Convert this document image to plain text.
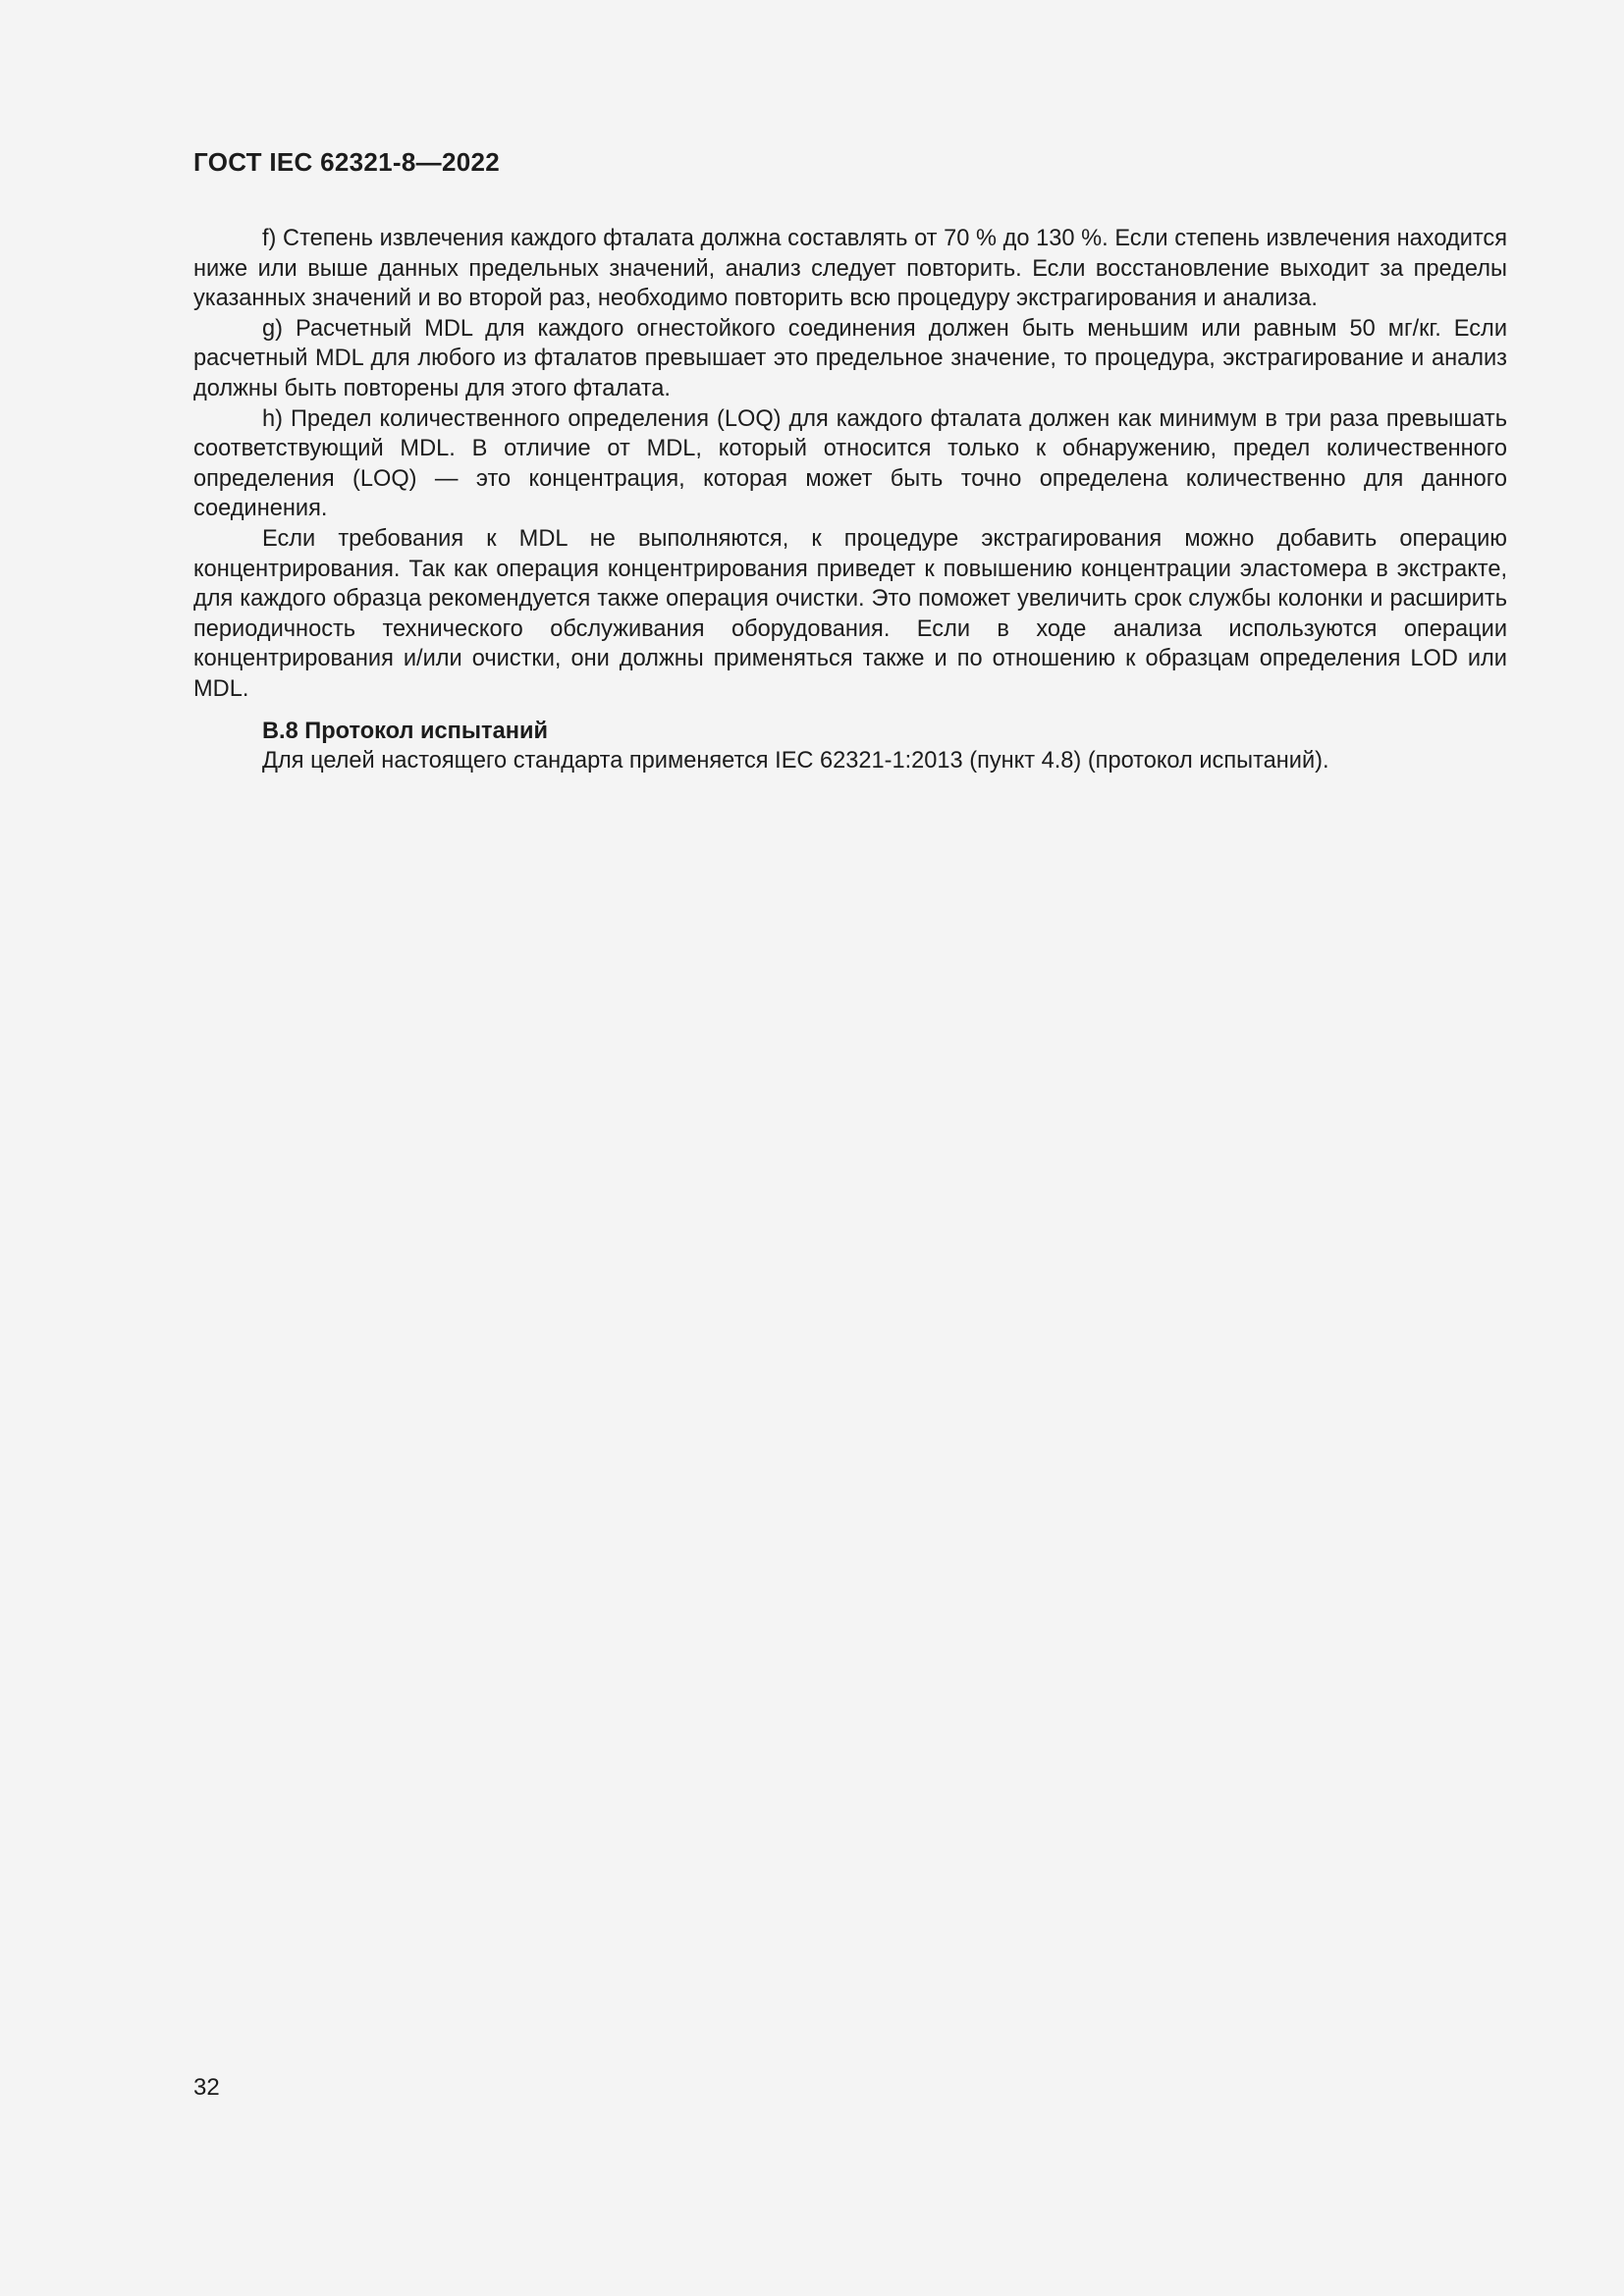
ГОСТ IEC 62321-8—2022

f) Степень извлечения каждого фталата должна составлять от 70 % до 130 %. Если степень извлечения находится ниже или выше данных предельных значений, анализ следует повторить. Если восстановление выходит за пределы указанных значений и во второй раз, необходимо повторить всю процедуру экстрагирования и анализа.

g) Расчетный MDL для каждого огнестойкого соединения должен быть меньшим или равным 50 мг/кг. Если расчетный MDL для любого из фталатов превышает это предельное значение, то процедура, экстрагирование и анализ должны быть повторены для этого фталата.

h) Предел количественного определения (LOQ) для каждого фталата должен как минимум в три раза превышать соответствующий MDL. В отличие от MDL, который относится только к обнаружению, предел количественного определения (LOQ) — это концентрация, которая может быть точно определена количественно для данного соединения.

Если требования к MDL не выполняются, к процедуре экстрагирования можно добавить операцию концентрирования. Так как операция концентрирования приведет к повышению концентрации эластомера в экстракте, для каждого образца рекомендуется также операция очистки. Это поможет увеличить срок службы колонки и расширить периодичность технического обслуживания оборудования. Если в ходе анализа используются операции концентрирования и/или очистки, они должны применяться также и по отношению к образцам определения LOD или MDL.

B.8 Протокол испытаний
Для целей настоящего стандарта применяется IEC 62321-1:2013 (пункт 4.8) (протокол испытаний).
32
